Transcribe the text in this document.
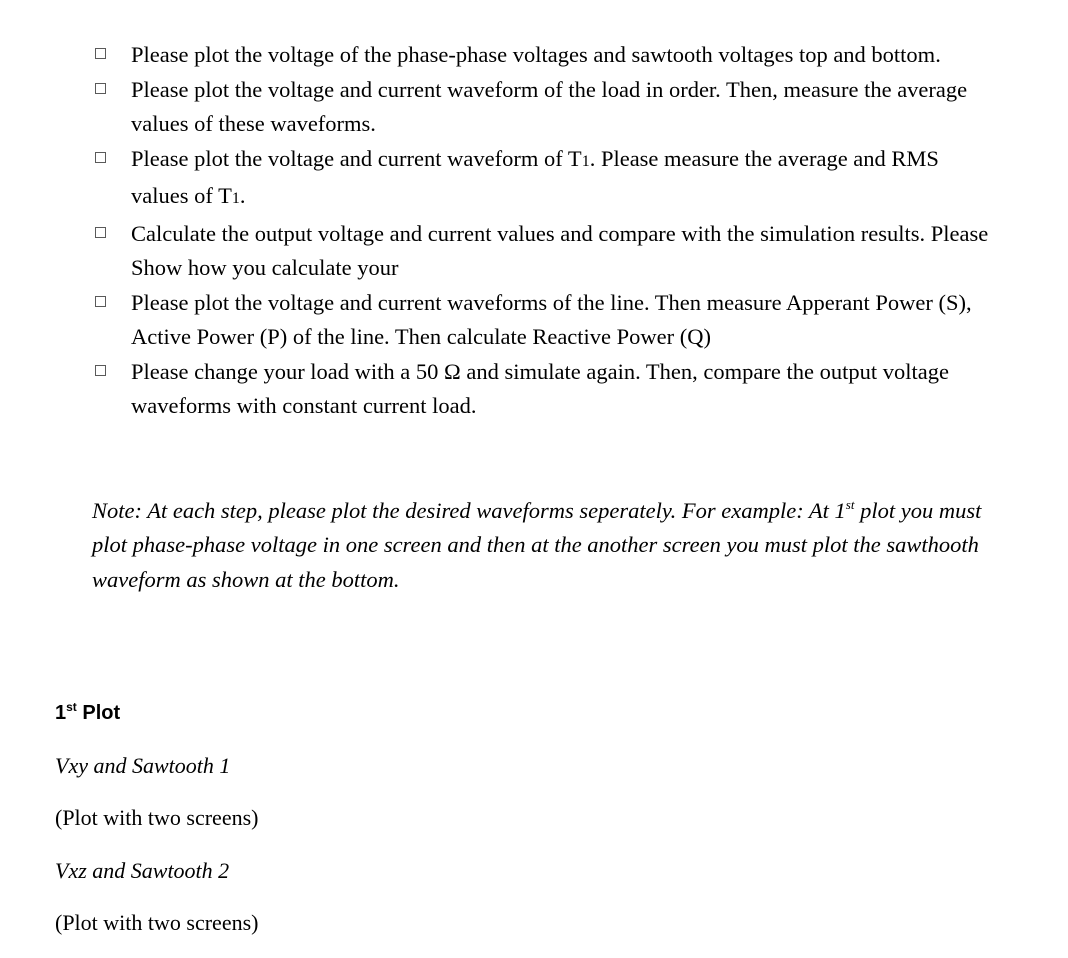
Please plot the voltage of the phase-phase voltages and sawtooth voltages top and bottom.
Please plot the voltage and current waveform of the load in order. Then, measure the average values of these waveforms.
Please plot the voltage and current waveform of T1. Please measure the average and RMS values of T1.
Calculate the output voltage and current values and compare with the simulation results. Please Show how you calculate your
Please plot the voltage and current waveforms of the line. Then measure Apperant Power (S), Active Power (P) of the line. Then calculate Reactive Power (Q)
Please change your load with a 50 Ω and simulate again. Then, compare the output voltage waveforms with constant current load.

Note: At each step, please plot the desired waveforms seperately. For example: At 1st plot you must plot phase-phase voltage in one screen and then at the another screen you must plot the sawthooth waveform as shown at the bottom.

1st Plot
Vxy and Sawtooth 1
(Plot with two screens)
Vxz and Sawtooth 2
(Plot with two screens)
